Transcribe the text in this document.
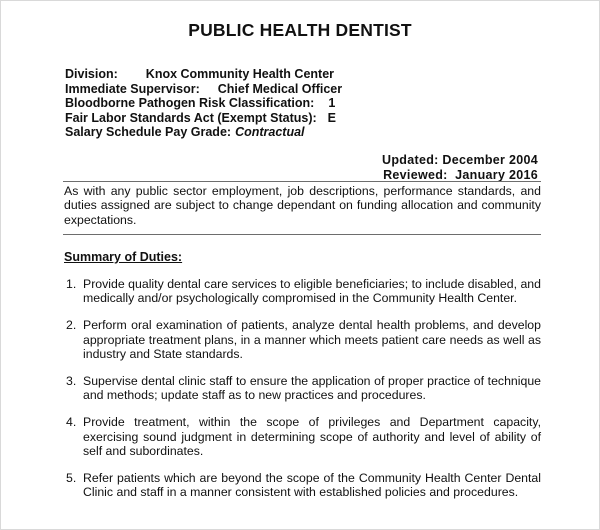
PUBLIC HEALTH DENTIST
Division: Knox Community Health Center
Immediate Supervisor: Chief Medical Officer
Bloodborne Pathogen Risk Classification: 1
Fair Labor Standards Act (Exempt Status): E
Salary Schedule Pay Grade: Contractual
Updated: December 2004
Reviewed:  January 2016
As with any public sector employment, job descriptions, performance standards, and duties assigned are subject to change dependant on funding allocation and community expectations.
Summary of Duties:
1. Provide quality dental care services to eligible beneficiaries; to include disabled, and medically and/or psychologically compromised in the Community Health Center.
2. Perform oral examination of patients, analyze dental health problems, and develop appropriate treatment plans, in a manner which meets patient care needs as well as industry and State standards.
3. Supervise dental clinic staff to ensure the application of proper practice of technique and methods; update staff as to new practices and procedures.
4. Provide treatment, within the scope of privileges and Department capacity, exercising sound judgment in determining scope of authority and level of ability of self and subordinates.
5. Refer patients which are beyond the scope of the Community Health Center Dental Clinic and staff in a manner consistent with established policies and procedures.
